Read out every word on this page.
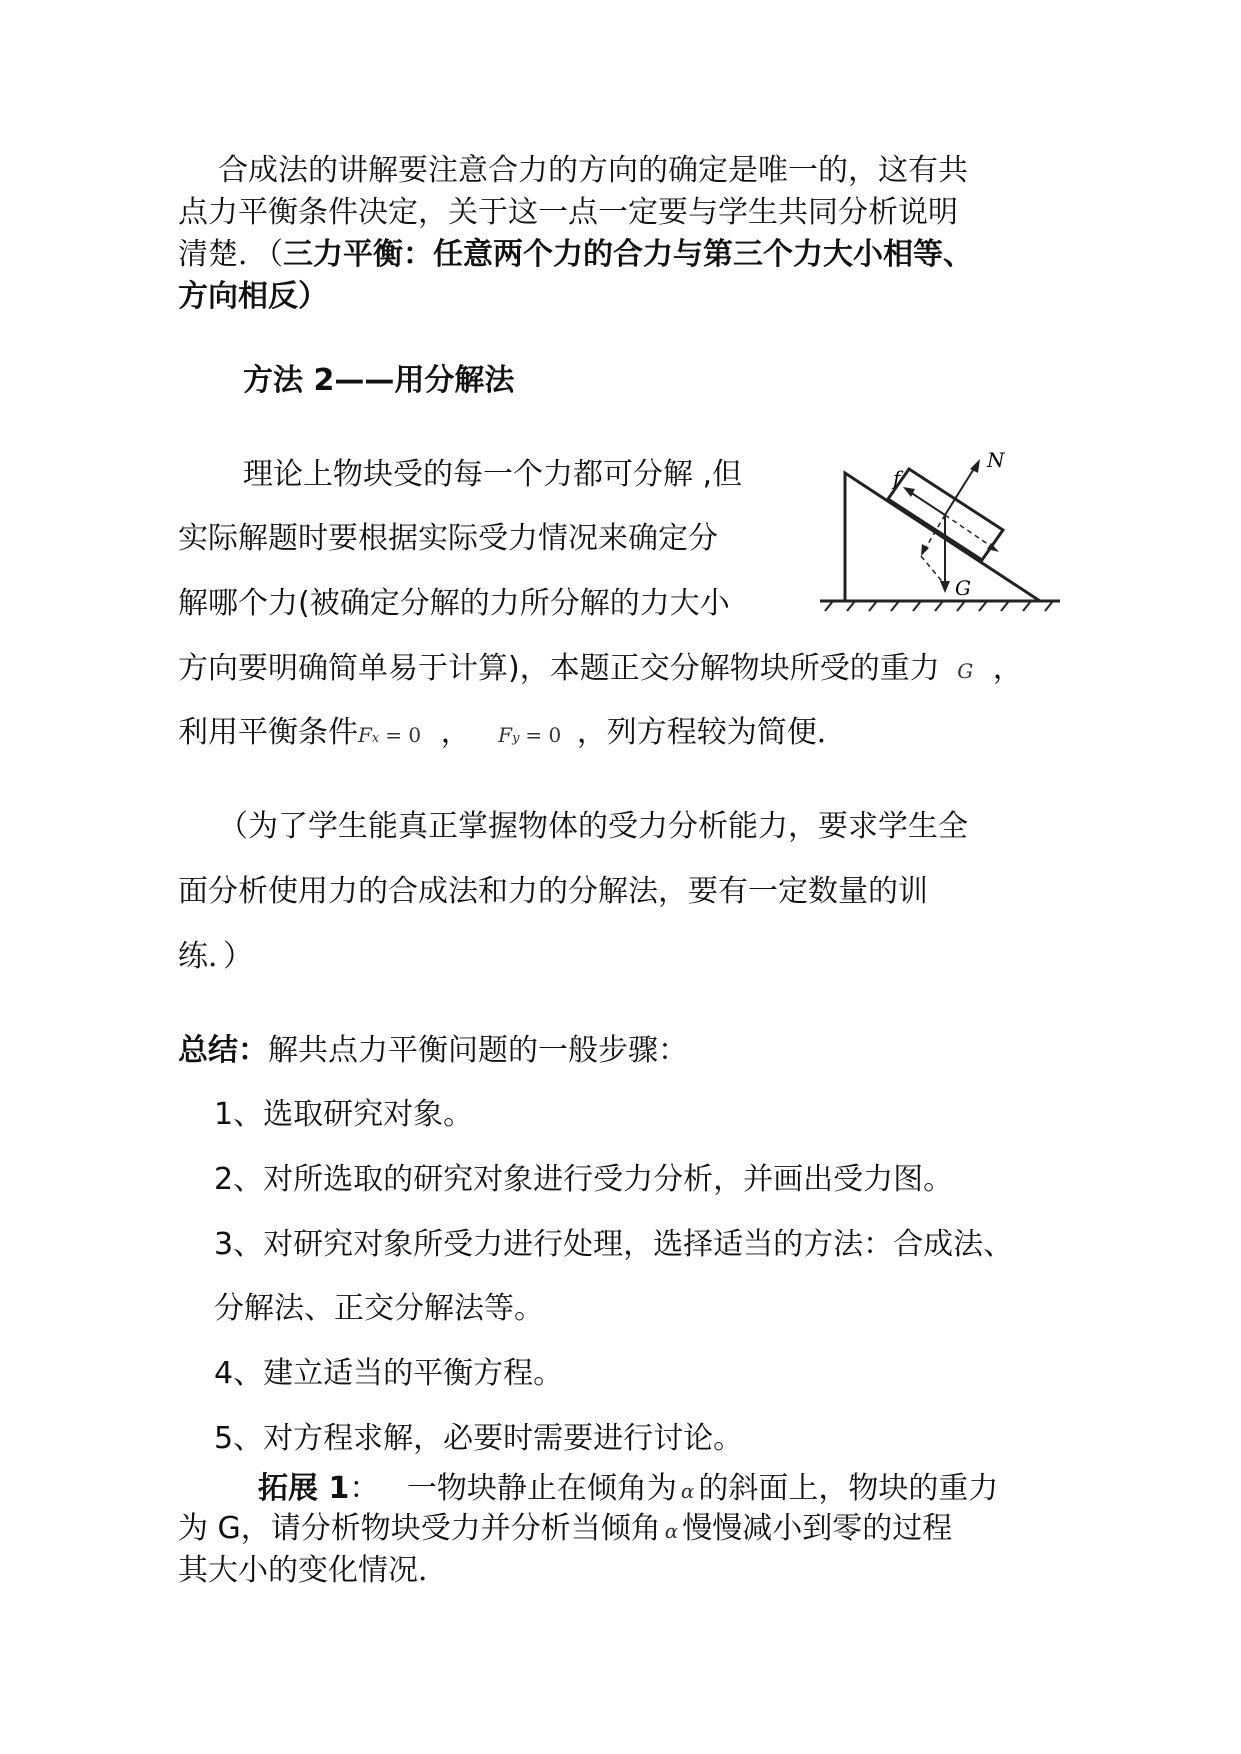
合成法的讲解要注意合力的方向的确定是唯一的，这有共
点力平衡条件决定，关于这一点一定要与学生共同分析说明
清楚．（三力平衡：任意两个力的合力与第三个力大小相等、
方向相反）
方法 2——用分解法
理论上物块受的每一个力都可分解 ,但
实际解题时要根据实际受力情况来确定分
解哪个力(被确定分解的力所分解的力大小
方向要明确简单易于计算)，本题正交分解物块所受的重力 G ，
利用平衡条件Fx = 0 ， Fy = 0 ，列方程较为简便．
f
N
G
（为了学生能真正掌握物体的受力分析能力，要求学生全
面分析使用力的合成法和力的分解法，要有一定数量的训
练．）
总结：解共点力平衡问题的一般步骤：
1、选取研究对象。
2、对所选取的研究对象进行受力分析，并画出受力图。
3、对研究对象所受力进行处理，选择适当的方法：合成法、
分解法、正交分解法等。
4、建立适当的平衡方程。
5、对方程求解，必要时需要进行讨论。
拓展 1： 一物块静止在倾角为 α 的斜面上，物块的重力
为 G，请分析物块受力并分析当倾角 α 慢慢减小到零的过程
其大小的变化情况．
